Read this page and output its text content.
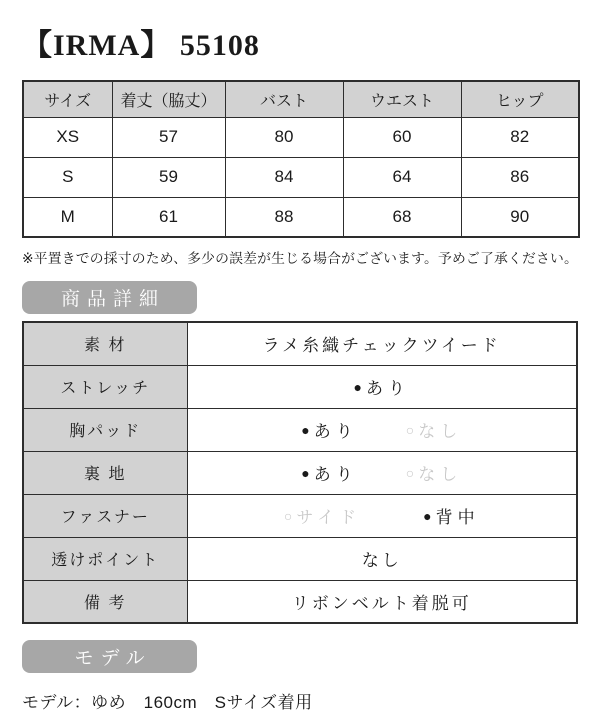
【IRMA】 55108
サイズ	着丈（脇丈）	バスト	ウエスト	ヒップ
XS	57	80	60	82
S	59	84	64	86
M	61	88	68	90

※平置きでの採寸のため、多少の誤差が生じる場合がございます。予めご了承ください。

商品詳細
素 材	ラメ糸織チェックツイード
ストレッチ	● あり

胸パッド	● あり ○ なし

裏 地	● あり ○ なし

ファスナー	○ サイド ● 背中

透けポイント	なし
備 考	リボンベルト着脱可
モデル

モデル：ゆめ　160cm　Sサイズ着用
